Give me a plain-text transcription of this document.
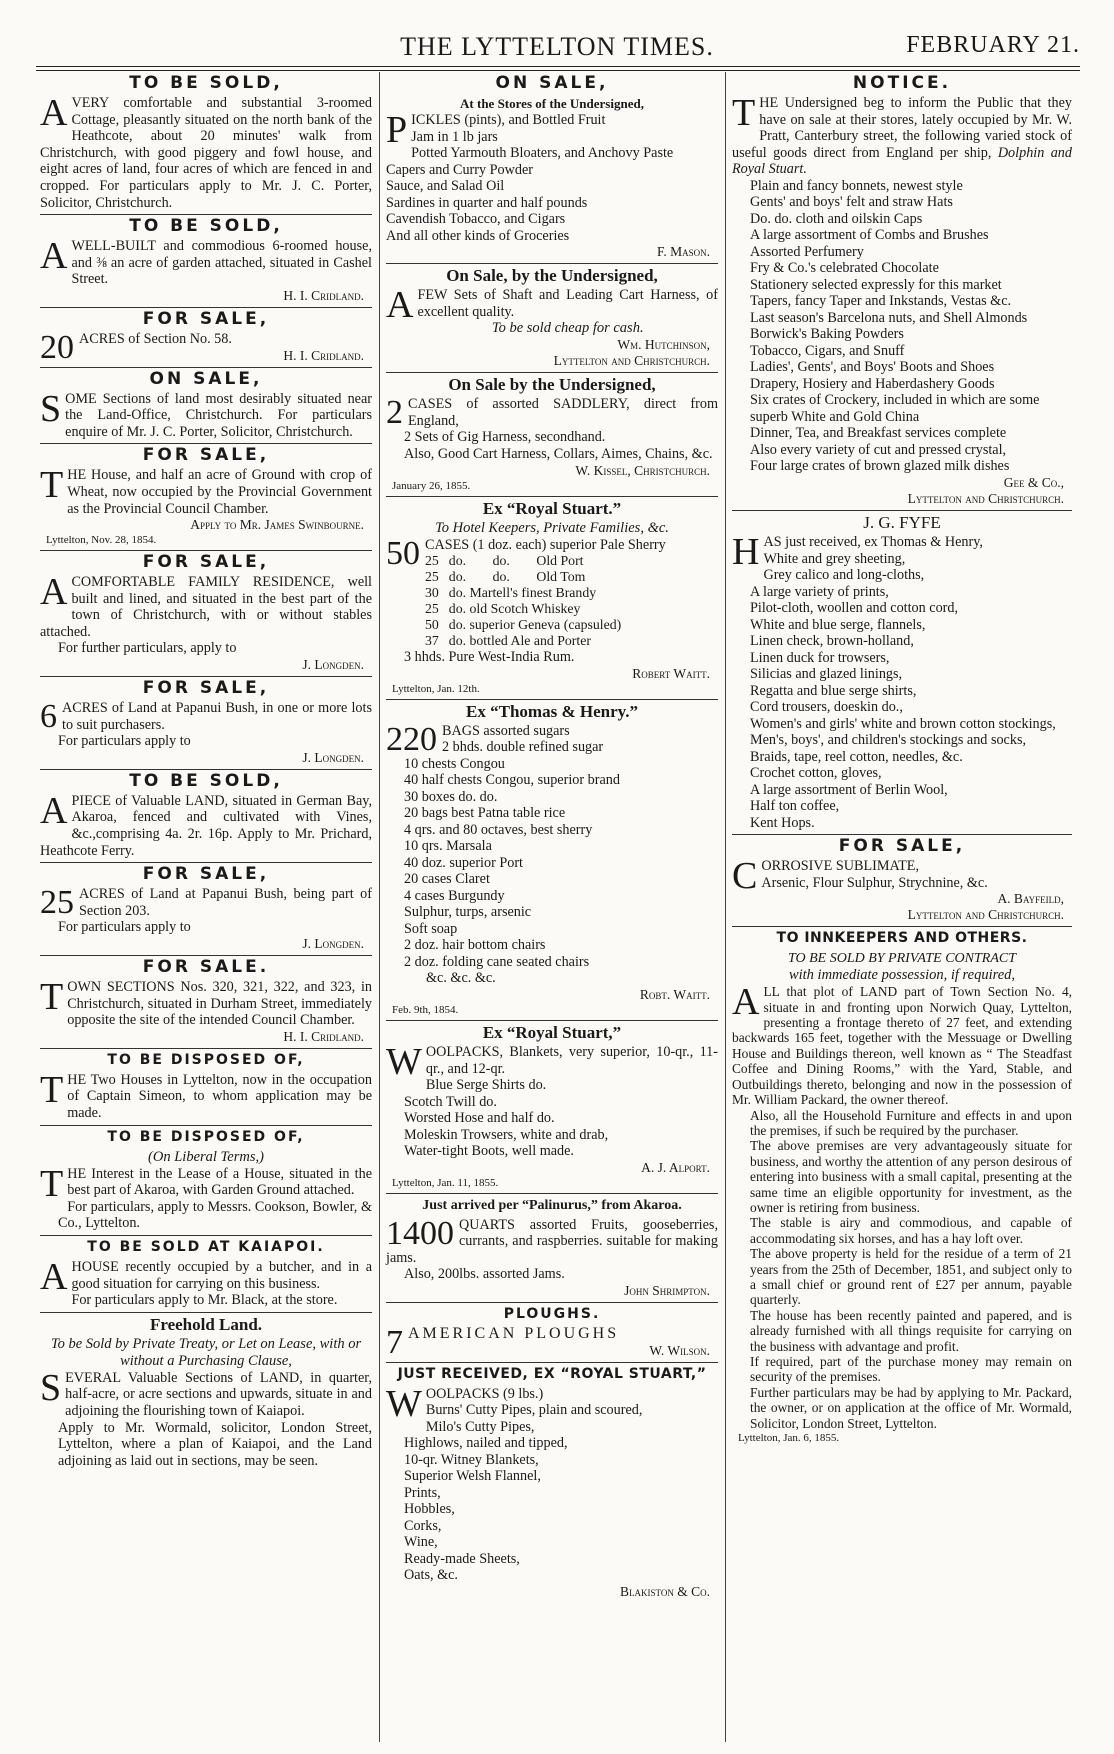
THE LYTTELTON TIMES.	FEBRUARY 21.
TO BE SOLD,

AVERY comfortable and substantial 3-roomed Cottage, pleasantly situated on the north bank of the Heathcote, about 20 minutes' walk from Christchurch, with good piggery and fowl house, and eight acres of land, four acres of which are fenced in and cropped. For particulars apply to Mr. J. C. Porter, Solicitor, Christchurch.

TO BE SOLD,

AWELL-BUILT and commodious 6-roomed house, and ⅜ an acre of garden attached, situated in Cashel Street.

H. I. Cridland.
FOR SALE,

20 ACRES of Section No. 58.

H. I. Cridland.
ON SALE,

SOME Sections of land most desirably situated near the Land-Office, Christchurch. For particulars enquire of Mr. J. C. Porter, Solicitor, Christchurch.

FOR SALE,

THE House, and half an acre of Ground with crop of Wheat, now occupied by the Provincial Government as the Provincial Council Chamber.

Apply to Mr. James Swinbourne.
Lyttelton, Nov. 28, 1854.
FOR SALE,

ACOMFORTABLE FAMILY RESIDENCE, well built and lined, and situated in the best part of the town of Christchurch, with or without stables attached.

For further particulars, apply to

J. Longden.
FOR SALE,

6 ACRES of Land at Papanui Bush, in one or more lots to suit purchasers.

For particulars apply to

J. Longden.
TO BE SOLD,

APIECE of Valuable LAND, situated in German Bay, Akaroa, fenced and cultivated with Vines, &c.,comprising 4a. 2r. 16p. Apply to Mr. Prichard, Heathcote Ferry.

FOR SALE,

25 ACRES of Land at Papanui Bush, being part of Section 203.

For particulars apply to

J. Longden.
FOR SALE.

TOWN SECTIONS Nos. 320, 321, 322, and 323, in Christchurch, situated in Durham Street, immediately opposite the site of the intended Council Chamber.

H. I. Cridland.
TO BE DISPOSED OF,

THE Two Houses in Lyttelton, now in the occupation of Captain Simeon, to whom application may be made.

TO BE DISPOSED OF,
(On Liberal Terms,)

THE Interest in the Lease of a House, situated in the best part of Akaroa, with Garden Ground attached.

For particulars, apply to Messrs. Cookson, Bowler, & Co., Lyttelton.

TO BE SOLD AT KAIAPOI.

AHOUSE recently occupied by a butcher, and in a good situation for carrying on this business.

For particulars apply to Mr. Black, at the store.

Freehold Land.
To be Sold by Private Treaty, or Let on Lease, with or without a Purchasing Clause,

SEVERAL Valuable Sections of LAND, in quarter, half-acre, or acre sections and upwards, situate in and adjoining the flourishing town of Kaiapoi.

Apply to Mr. Wormald, solicitor, London Street, Lyttelton, where a plan of Kaiapoi, and the Land adjoining as laid out in sections, may be seen.

ON SALE,
At the Stores of the Undersigned,

PICKLES (pints), and Bottled Fruit

Jam in 1 lb jars
Potted Yarmouth Bloaters, and Anchovy Paste
Capers and Curry Powder
Sauce, and Salad Oil
Sardines in quarter and half pounds
Cavendish Tobacco, and Cigars
And all other kinds of Groceries
F. Mason.
On Sale, by the Undersigned,

AFEW Sets of Shaft and Leading Cart Harness, of excellent quality.

To be sold cheap for cash.
Wm. Hutchinson,
Lyttelton and Christchurch.
On Sale by the Undersigned,

2 CASES of assorted SADDLERY, direct from England,

2 Sets of Gig Harness, secondhand.

Also, Good Cart Harness, Collars, Aimes, Chains, &c.

W. Kissel, Christchurch.
January 26, 1855.
Ex “Royal Stuart.”
To Hotel Keepers, Private Families, &c.

50 CASES (1 doz. each) superior Pale Sherry

25	do.	do.	Old Port
25	do.	do.	Old Tom
30	do. Martell's finest Brandy		
25	do. old Scotch Whiskey		
50	do. superior Geneva (capsuled)		
37	do. bottled Ale and Porter		

3 hhds. Pure West-India Rum.

Robert Waitt.
Lyttelton, Jan. 12th.
Ex “Thomas & Henry.”

220 BAGS assorted sugars

2 bhds. double refined sugar
10 chests Congou
40 half chests Congou, superior brand
30 boxes do. do.
20 bags best Patna table rice
4 qrs. and 80 octaves, best sherry
10 qrs. Marsala
40 doz. superior Port
20 cases Claret
4 cases Burgundy
Sulphur, turps, arsenic
Soft soap
2 doz. hair bottom chairs
2 doz. folding cane seated chairs
&c. &c. &c.
Robt. Waitt.
Feb. 9th, 1854.
Ex “Royal Stuart,”

WOOLPACKS, Blankets, very superior, 10-qr., 11-qr., and 12-qr.

Blue Serge Shirts do.
Scotch Twill do.
Worsted Hose and half do.
Moleskin Trowsers, white and drab,
Water-tight Boots, well made.
A. J. Alport.
Lyttelton, Jan. 11, 1855.
Just arrived per “Palinurus,” from Akaroa.

1400 QUARTS assorted Fruits, gooseberries, currants, and raspberries. suitable for making jams.

Also, 200lbs. assorted Jams.

John Shrimpton.
PLOUGHS.

7 AMERICAN PLOUGHS

W. Wilson.
JUST RECEIVED, EX “ROYAL STUART,”

WOOLPACKS (9 lbs.)

Burns' Cutty Pipes, plain and scoured,
Milo's Cutty Pipes,
Highlows, nailed and tipped,
10-qr. Witney Blankets,
Superior Welsh Flannel,
Prints,
Hobbles,
Corks,
Wine,
Ready-made Sheets,
Oats, &c.
Blakiston & Co.
NOTICE.

THE Undersigned beg to inform the Public that they have on sale at their stores, lately occupied by Mr. W. Pratt, Canterbury street, the following varied stock of useful goods direct from England per ship, Dolphin and Royal Stuart.

Plain and fancy bonnets, newest style
Gents' and boys' felt and straw Hats
Do. do. cloth and oilskin Caps
A large assortment of Combs and Brushes
Assorted Perfumery
Fry & Co.'s celebrated Chocolate
Stationery selected expressly for this market
Tapers, fancy Taper and Inkstands, Vestas &c.
Last season's Barcelona nuts, and Shell Almonds
Borwick's Baking Powders
Tobacco, Cigars, and Snuff
Ladies', Gents', and Boys' Boots and Shoes
Drapery, Hosiery and Haberdashery Goods
Six crates of Crockery, included in which are some superb White and Gold China
Dinner, Tea, and Breakfast services complete
Also every variety of cut and pressed crystal,
Four large crates of brown glazed milk dishes
Gee & Co.,
Lyttelton and Christchurch.
J. G. FYFE

HAS just received, ex Thomas & Henry,

White and grey sheeting,
Grey calico and long-cloths,
A large variety of prints,
Pilot-cloth, woollen and cotton cord,
White and blue serge, flannels,
Linen check, brown-holland,
Linen duck for trowsers,
Silicias and glazed linings,
Regatta and blue serge shirts,
Cord trousers, doeskin do.,
Women's and girls' white and brown cotton stockings,
Men's, boys', and children's stockings and socks,
Braids, tape, reel cotton, needles, &c.
Crochet cotton, gloves,
A large assortment of Berlin Wool,
Half ton coffee,
Kent Hops.
FOR SALE,

CORROSIVE SUBLIMATE,

Arsenic, Flour Sulphur, Strychnine, &c.

A. Bayfeild,
Lyttelton and Christchurch.
TO INNKEEPERS AND OTHERS.
TO BE SOLD BY PRIVATE CONTRACT
with immediate possession, if required,

ALL that plot of LAND part of Town Section No. 4, situate in and fronting upon Norwich Quay, Lyttelton, presenting a frontage thereto of 27 feet, and extending backwards 165 feet, together with the Messuage or Dwelling House and Buildings thereon, well known as “ The Steadfast Coffee and Dining Rooms,” with the Yard, Stable, and Outbuildings thereto, belonging and now in the possession of Mr. William Packard, the owner thereof.

Also, all the Household Furniture and effects in and upon the premises, if such be required by the purchaser.

The above premises are very advantageously situate for business, and worthy the attention of any person desirous of entering into business with a small capital, presenting at the same time an eligible opportunity for investment, as the owner is retiring from business.

The stable is airy and commodious, and capable of accommodating six horses, and has a hay loft over.

The above property is held for the residue of a term of 21 years from the 25th of December, 1851, and subject only to a small chief or ground rent of £27 per annum, payable quarterly.

The house has been recently painted and papered, and is already furnished with all things requisite for carrying on the business with advantage and profit.

If required, part of the purchase money may remain on security of the premises.

Further particulars may be had by applying to Mr. Packard, the owner, or on application at the office of Mr. Wormald, Solicitor, London Street, Lyttelton.

Lyttelton, Jan. 6, 1855.
